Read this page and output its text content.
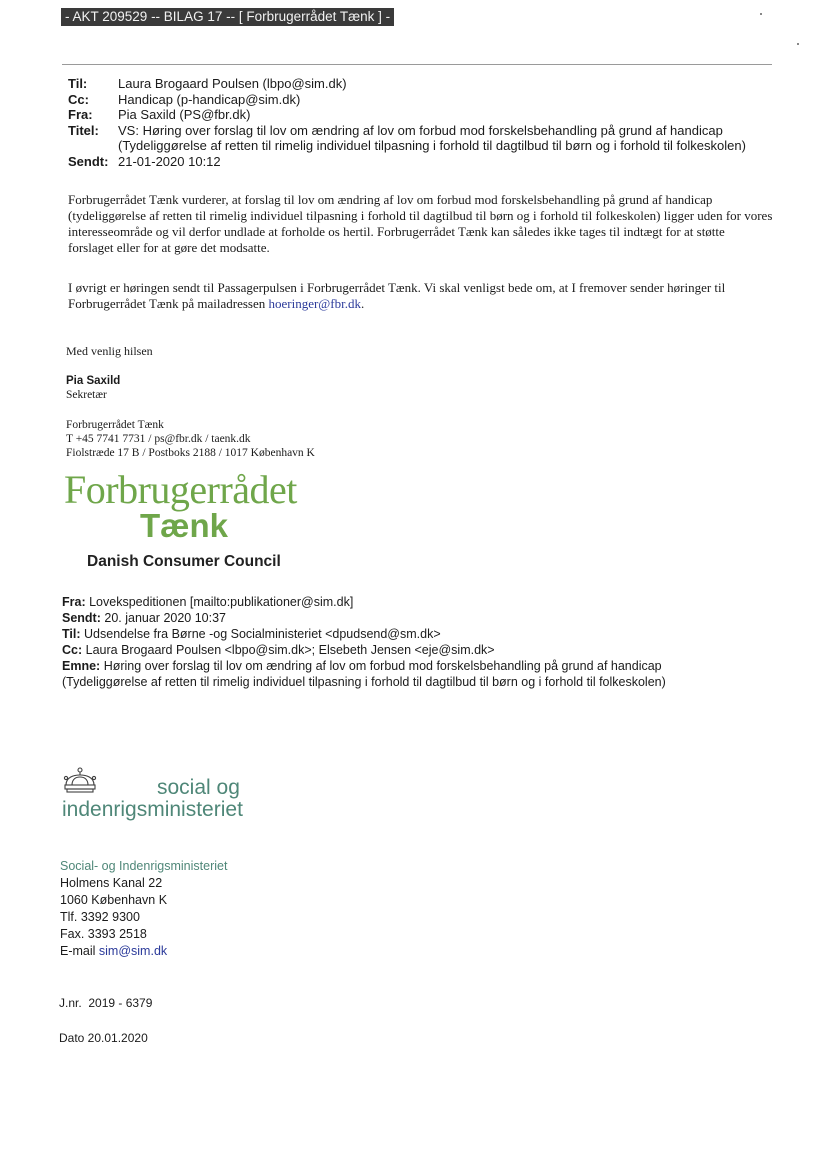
- AKT 209529 -- BILAG 17 -- [ Forbrugerrådet Tænk ] -
Til:	Laura Brogaard Poulsen (lbpo@sim.dk)
Cc:	Handicap (p-handicap@sim.dk)
Fra:	Pia Saxild (PS@fbr.dk)
Titel:	VS: Høring over forslag til lov om ændring af lov om forbud mod forskelsbehandling på grund af handicap
(Tydeliggørelse af retten til rimelig individuel tilpasning i forhold til dagtilbud til børn og i forhold til folkeskolen)
Sendt: 21-01-2020 10:12
Forbrugerrådet Tænk vurderer, at forslag til lov om ændring af lov om forbud mod forskelsbehandling på grund af handicap (tydeliggørelse af retten til rimelig individuel tilpasning i forhold til dagtilbud til børn og i forhold til folkeskolen) ligger uden for vores interesseområde og vil derfor undlade at forholde os hertil. Forbrugerrådet Tænk kan således ikke tages til indtægt for at støtte forslaget eller for at gøre det modsatte.
I øvrigt er høringen sendt til Passagerpulsen i Forbrugerrådet Tænk. Vi skal venligst bede om, at I fremover sender høringer til Forbrugerrådet Tænk på mailadressen hoeringer@fbr.dk.
Med venlig hilsen
Pia Saxild
Sekretær
Forbrugerrådet Tænk
T +45 7741 7731 / ps@fbr.dk / taenk.dk
Fiolstræde 17 B / Postboks 2188 / 1017 København K
Forbrugerrådet
Tænk
Danish Consumer Council
Fra: Lovekspeditionen [mailto:publikationer@sim.dk]
Sendt: 20. januar 2020 10:37
Til: Udsendelse fra Børne -og Socialministeriet <dpudsend@sm.dk>
Cc: Laura Brogaard Poulsen <lbpo@sim.dk>; Elsebeth Jensen <eje@sim.dk>
Emne: Høring over forslag til lov om ændring af lov om forbud mod forskelsbehandling på grund af handicap
(Tydeliggørelse af retten til rimelig individuel tilpasning i forhold til dagtilbud til børn og i forhold til folkeskolen)
social og
indenrigsministeriet
Social- og Indenrigsministeriet
Holmens Kanal 22
1060 København K
Tlf. 3392 9300
Fax. 3393 2518
E-mail sim@sim.dk
J.nr.  2019 - 6379
Dato 20.01.2020
